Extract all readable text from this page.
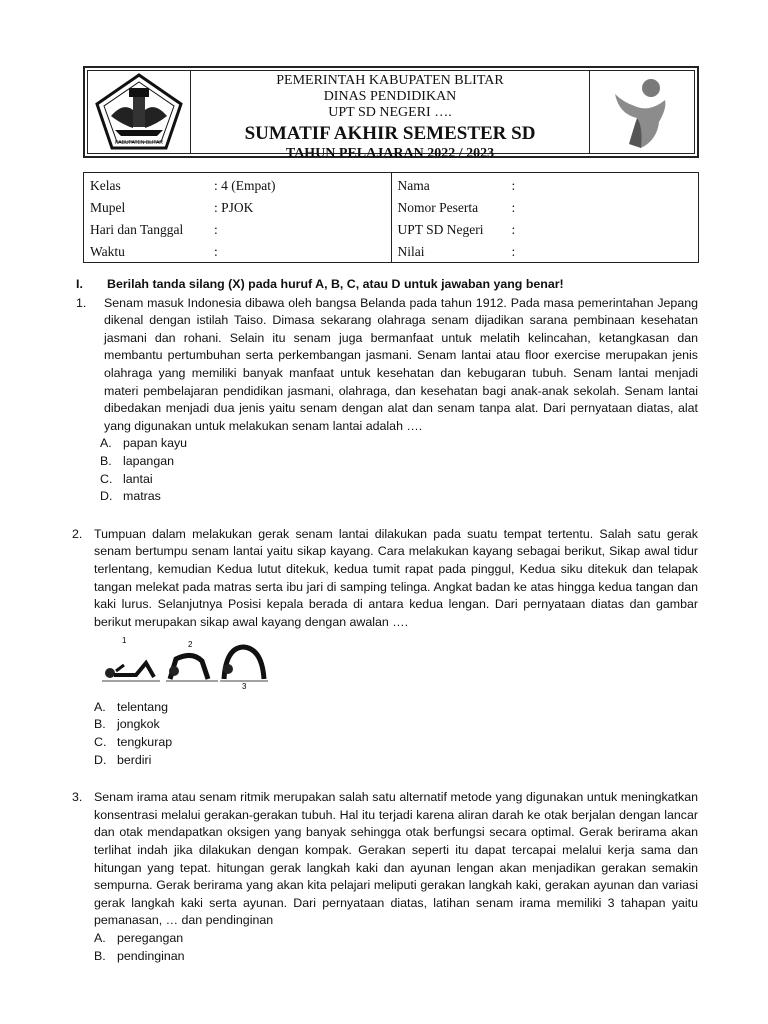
KABUPATEN BLITAR
PEMERINTAH KABUPATEN BLITAR
DINAS PENDIDIKAN
UPT SD NEGERI ….
SUMATIF AKHIR SEMESTER SD
TAHUN PELAJARAN 2022 / 2023
Kelas	: 4 (Empat)
Mupel	: PJOK
Hari dan Tanggal	:
Waktu	:
Nama	:
Nomor Peserta	:
UPT SD Negeri	:
Nilai	:
I.	Berilah tanda silang (X) pada huruf A, B, C, atau D untuk jawaban yang benar!
1.	Senam masuk Indonesia dibawa oleh bangsa Belanda pada tahun 1912. Pada masa pemerintahan Jepang dikenal dengan istilah Taiso. Dimasa sekarang olahraga senam dijadikan sarana pembinaan kesehatan jasmani dan rohani. Selain itu senam juga bermanfaat untuk melatih kelincahan, ketangkasan dan membantu pertumbuhan serta perkembangan jasmani. Senam lantai atau floor exercise merupakan jenis olahraga yang memiliki banyak manfaat untuk kesehatan dan kebugaran tubuh. Senam lantai menjadi materi pembelajaran pendidikan jasmani, olahraga, dan kesehatan bagi anak-anak sekolah. Senam lantai dibedakan menjadi dua jenis yaitu senam dengan alat dan senam tanpa alat. Dari pernyataan diatas, alat yang digunakan untuk melakukan senam lantai adalah ….
A. papan kayu
B. lapangan
C. lantai
D. matras
2. Tumpuan dalam melakukan gerak senam lantai dilakukan pada suatu tempat tertentu. Salah satu gerak senam bertumpu senam lantai yaitu sikap kayang. Cara melakukan kayang sebagai berikut, Sikap awal tidur terlentang, kemudian Kedua lutut ditekuk, kedua tumit rapat pada pinggul, Kedua siku ditekuk dan telapak tangan melekat pada matras serta ibu jari di samping telinga. Angkat badan ke atas hingga kedua tangan dan kaki lurus. Selanjutnya Posisi kepala berada di antara kedua lengan. Dari pernyataan diatas dan gambar berikut merupakan sikap awal kayang dengan awalan ….
1	2
3
A. telentang
B. jongkok
C. tengkurap
D. berdiri
3. Senam irama atau senam ritmik merupakan salah satu alternatif metode yang digunakan untuk meningkatkan konsentrasi melalui gerakan-gerakan tubuh. Hal itu terjadi karena aliran darah ke otak berjalan dengan lancar dan otak mendapatkan oksigen yang banyak sehingga otak berfungsi secara optimal. Gerak berirama akan terlihat indah jika dilakukan dengan kompak. Gerakan seperti itu dapat tercapai melalui kerja sama dan hitungan yang tepat. hitungan gerak langkah kaki dan ayunan lengan akan menjadikan gerakan semakin sempurna. Gerak berirama yang akan kita pelajari meliputi gerakan langkah kaki, gerakan ayunan dan variasi gerak langkah kaki serta ayunan. Dari pernyataan diatas, latihan senam irama memiliki 3 tahapan yaitu pemanasan, … dan pendinginan
A. peregangan
B. pendinginan
